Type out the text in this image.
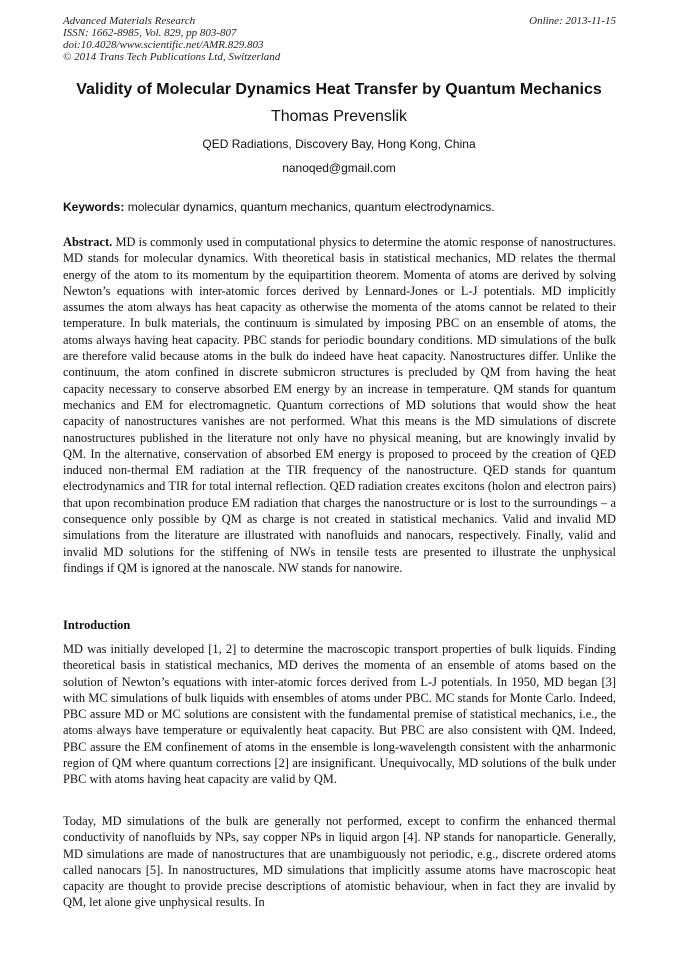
Advanced Materials Research
ISSN: 1662-8985, Vol. 829, pp 803-807
doi:10.4028/www.scientific.net/AMR.829.803
© 2014 Trans Tech Publications Ltd, Switzerland
Online: 2013-11-15
Validity of Molecular Dynamics Heat Transfer by Quantum Mechanics
Thomas Prevenslik
QED Radiations, Discovery Bay, Hong Kong, China
nanoqed@gmail.com
Keywords: molecular dynamics, quantum mechanics, quantum electrodynamics.
Abstract. MD is commonly used in computational physics to determine the atomic response of nanostructures. MD stands for molecular dynamics. With theoretical basis in statistical mechanics, MD relates the thermal energy of the atom to its momentum by the equipartition theorem. Momenta of atoms are derived by solving Newton’s equations with inter-atomic forces derived by Lennard-Jones or L-J potentials. MD implicitly assumes the atom always has heat capacity as otherwise the momenta of the atoms cannot be related to their temperature. In bulk materials, the continuum is simulated by imposing PBC on an ensemble of atoms, the atoms always having heat capacity. PBC stands for periodic boundary conditions. MD simulations of the bulk are therefore valid because atoms in the bulk do indeed have heat capacity. Nanostructures differ. Unlike the continuum, the atom confined in discrete submicron structures is precluded by QM from having the heat capacity necessary to conserve absorbed EM energy by an increase in temperature. QM stands for quantum mechanics and EM for electromagnetic. Quantum corrections of MD solutions that would show the heat capacity of nanostructures vanishes are not performed. What this means is the MD simulations of discrete nanostructures published in the literature not only have no physical meaning, but are knowingly invalid by QM. In the alternative, conservation of absorbed EM energy is proposed to proceed by the creation of QED induced non-thermal EM radiation at the TIR frequency of the nanostructure. QED stands for quantum electrodynamics and TIR for total internal reflection. QED radiation creates excitons (holon and electron pairs) that upon recombination produce EM radiation that charges the nanostructure or is lost to the surroundings – a consequence only possible by QM as charge is not created in statistical mechanics. Valid and invalid MD simulations from the literature are illustrated with nanofluids and nanocars, respectively. Finally, valid and invalid MD solutions for the stiffening of NWs in tensile tests are presented to illustrate the unphysical findings if QM is ignored at the nanoscale. NW stands for nanowire.
Introduction
MD was initially developed [1, 2] to determine the macroscopic transport properties of bulk liquids. Finding theoretical basis in statistical mechanics, MD derives the momenta of an ensemble of atoms based on the solution of Newton’s equations with inter-atomic forces derived from L-J potentials. In 1950, MD began [3] with MC simulations of bulk liquids with ensembles of atoms under PBC. MC stands for Monte Carlo. Indeed, PBC assure MD or MC solutions are consistent with the fundamental premise of statistical mechanics, i.e., the atoms always have temperature or equivalently heat capacity. But PBC are also consistent with QM. Indeed, PBC assure the EM confinement of atoms in the ensemble is long-wavelength consistent with the anharmonic region of QM where quantum corrections [2] are insignificant. Unequivocally, MD solutions of the bulk under PBC with atoms having heat capacity are valid by QM.
Today, MD simulations of the bulk are generally not performed, except to confirm the enhanced thermal conductivity of nanofluids by NPs, say copper NPs in liquid argon [4]. NP stands for nanoparticle. Generally, MD simulations are made of nanostructures that are unambiguously not periodic, e.g., discrete ordered atoms called nanocars [5]. In nanostructures, MD simulations that implicitly assume atoms have macroscopic heat capacity are thought to provide precise descriptions of atomistic behaviour, when in fact they are invalid by QM, let alone give unphysical results. In
